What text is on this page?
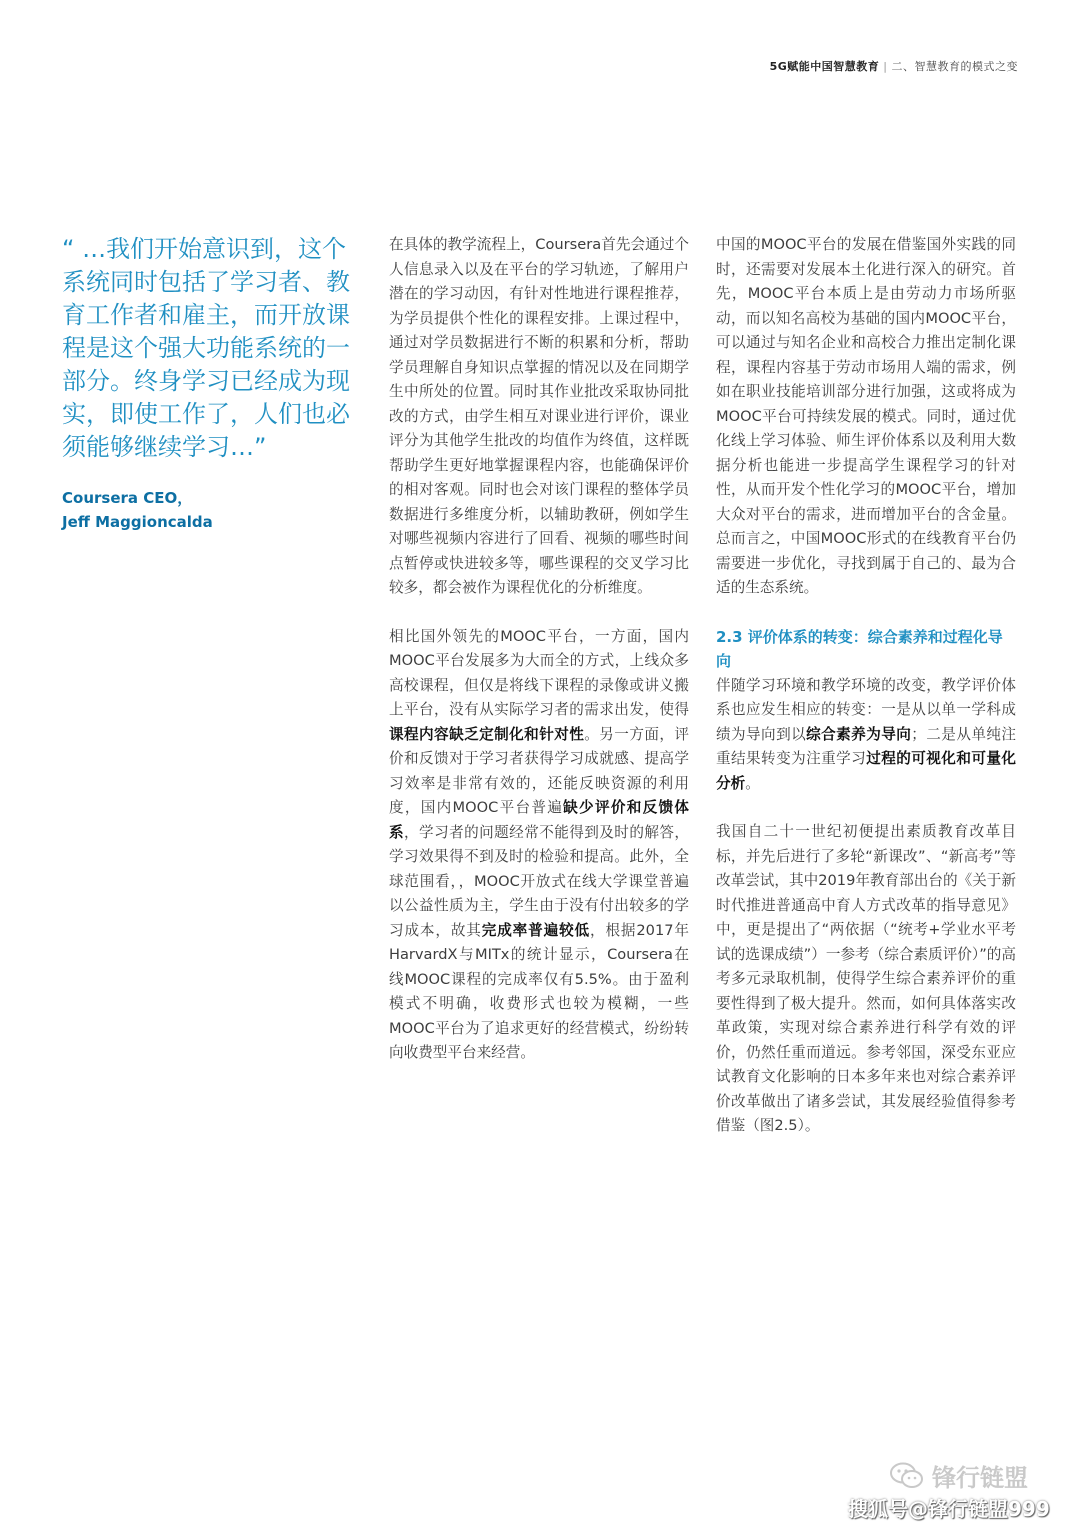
5G赋能中国智慧教育 | 二、智慧教育的模式之变
“ …我们开始意识到，这个系统同时包括了学习者、教育工作者和雇主，而开放课程是这个强大功能系统的一部分。终身学习已经成为现实，即使工作了，人们也必须能够继续学习…”
Coursera CEO，
Jeff Maggioncalda

在具体的教学流程上，Coursera首先会通过个人信息录入以及在平台的学习轨迹，了解用户潜在的学习动因，有针对性地进行课程推荐，为学员提供个性化的课程安排。上课过程中，通过对学员数据进行不断的积累和分析，帮助学员理解自身知识点掌握的情况以及在同期学生中所处的位置。同时其作业批改采取协同批改的方式，由学生相互对课业进行评价，课业评分为其他学生批改的均值作为终值，这样既帮助学生更好地掌握课程内容，也能确保评价的相对客观。同时也会对该门课程的整体学员数据进行多维度分析，以辅助教研，例如学生对哪些视频内容进行了回看、视频的哪些时间点暂停或快进较多等，哪些课程的交叉学习比较多，都会被作为课程优化的分析维度。

相比国外领先的MOOC平台，一方面，国内MOOC平台发展多为大而全的方式，上线众多高校课程，但仅是将线下课程的录像或讲义搬上平台，没有从实际学习者的需求出发，使得课程内容缺乏定制化和针对性。另一方面，评价和反馈对于学习者获得学习成就感、提高学习效率是非常有效的，还能反映资源的利用度，国内MOOC平台普遍缺少评价和反馈体系，学习者的问题经常不能得到及时的解答，学习效果得不到及时的检验和提高。此外，全球范围看，，MOOC开放式在线大学课堂普遍以公益性质为主，学生由于没有付出较多的学习成本，故其完成率普遍较低，根据2017年HarvardX与MITx的统计显示，Coursera在线MOOC课程的完成率仅有5.5%。由于盈利模式不明确，收费形式也较为模糊，一些MOOC平台为了追求更好的经营模式，纷纷转向收费型平台来经营。

中国的MOOC平台的发展在借鉴国外实践的同时，还需要对发展本土化进行深入的研究。首先，MOOC平台本质上是由劳动力市场所驱动，而以知名高校为基础的国内MOOC平台，可以通过与知名企业和高校合力推出定制化课程，课程内容基于劳动市场用人端的需求，例如在职业技能培训部分进行加强，这或将成为MOOC平台可持续发展的模式。同时，通过优化线上学习体验、师生评价体系以及利用大数据分析也能进一步提高学生课程学习的针对性，从而开发个性化学习的MOOC平台，增加大众对平台的需求，进而增加平台的含金量。总而言之，中国MOOC形式的在线教育平台仍需要进一步优化，寻找到属于自己的、最为合适的生态系统。

2.3 评价体系的转变：综合素养和过程化导向

伴随学习环境和教学环境的改变，教学评价体系也应发生相应的转变：一是从以单一学科成绩为导向到以综合素养为导向；二是从单纯注重结果转变为注重学习过程的可视化和可量化分析。

我国自二十一世纪初便提出素质教育改革目标，并先后进行了多轮“新课改”、“新高考”等改革尝试，其中2019年教育部出台的《关于新时代推进普通高中育人方式改革的指导意见》中，更是提出了“两依据（“统考+学业水平考试的选课成绩”）一参考（综合素质评价）”的高考多元录取机制，使得学生综合素养评价的重要性得到了极大提升。然而，如何具体落实改革政策，实现对综合素养进行科学有效的评价，仍然任重而道远。参考邻国，深受东亚应试教育文化影响的日本多年来也对综合素养评价改革做出了诸多尝试，其发展经验值得参考借鉴（图2.5）。

锋行链盟
搜狐号@锋行链盟999
